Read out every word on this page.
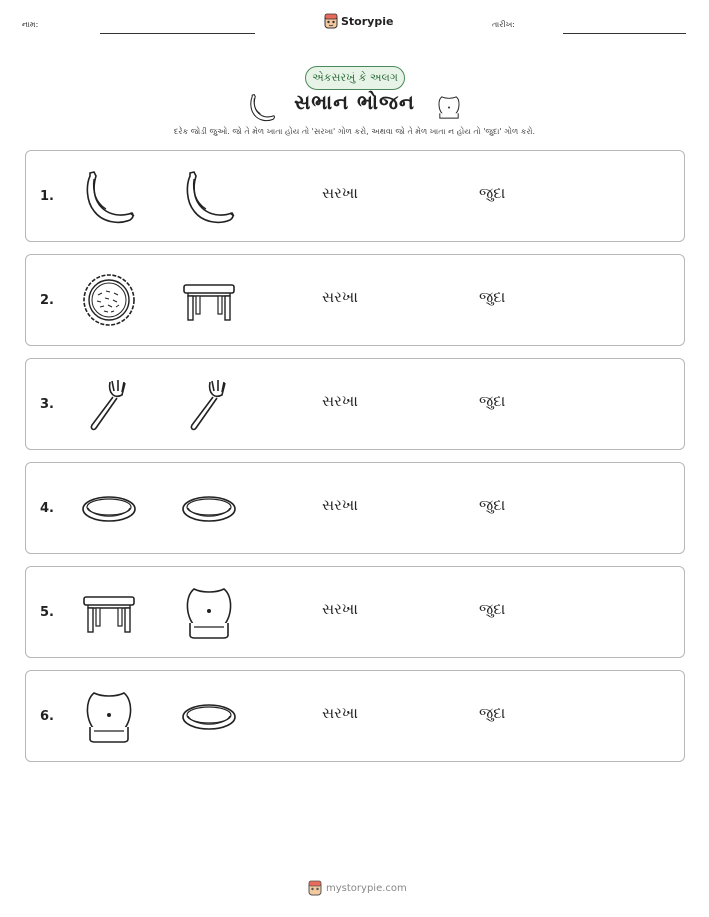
નામ:	Storypie	તારીખ:
એકસરખું કે અલગ
સભાન ભોજન
દરેક જોડી જુઓ. જો તે મેળ ખાતા હોય તો 'સરખા' ગોળ કરો, અથવા જો તે મેળ ખાતા ન હોય તો 'જુદા' ગોળ કરો.
1.	સરખા	જુદા
2.	સરખા	જુદા
3.	સરખા	જુદા
4.	સરખા	જુદા
5.	સરખા	જુદા
6.	સરખા	જુદા
mystorypie.com
